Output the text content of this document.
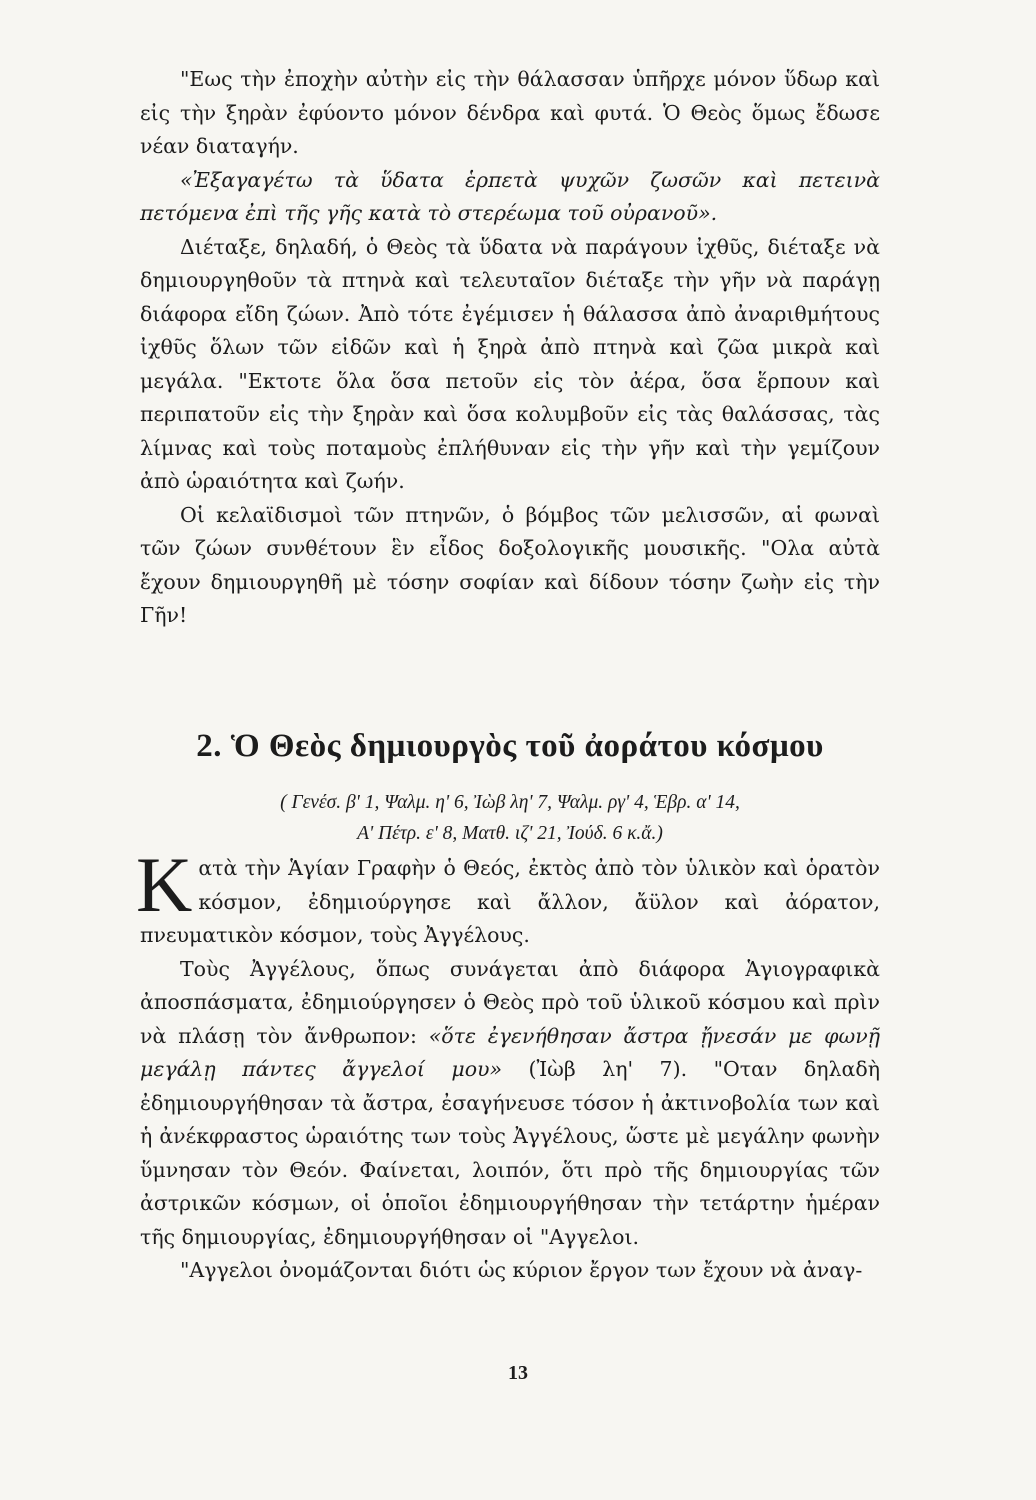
"Εως τὴν ἐποχὴν αὐτὴν εἰς τὴν θάλασσαν ὑπῆρχε μόνον ὕδωρ καὶ εἰς τὴν ξηρὰν ἐφύοντο μόνον δένδρα καὶ φυτά. Ὁ Θεὸς ὅμως ἔδωσε νέαν διαταγήν.

«Ἐξαγαγέτω τὰ ὕδατα ἑρπετὰ ψυχῶν ζωσῶν καὶ πετεινὰ πετόμενα ἐπὶ τῆς γῆς κατὰ τὸ στερέωμα τοῦ οὐρανοῦ».

Διέταξε, δηλαδή, ὁ Θεὸς τὰ ὕδατα νὰ παράγουν ἰχθῦς, διέταξε νὰ δημιουργηθοῦν τὰ πτηνὰ καὶ τελευταῖον διέταξε τὴν γῆν νὰ παράγῃ διάφορα εἴδη ζώων. Ἀπὸ τότε ἐγέμισεν ἡ θάλασσα ἀπὸ ἀναριθμήτους ἰχθῦς ὅλων τῶν εἰδῶν καὶ ἡ ξηρὰ ἀπὸ πτηνὰ καὶ ζῶα μικρὰ καὶ μεγάλα. "Εκτοτε ὅλα ὅσα πετοῦν εἰς τὸν ἀέρα, ὅσα ἕρπουν καὶ περιπατοῦν εἰς τὴν ξηρὰν καὶ ὅσα κολυμβοῦν εἰς τὰς θαλάσσας, τὰς λίμνας καὶ τοὺς ποταμοὺς ἐπλήθυναν εἰς τὴν γῆν καὶ τὴν γεμίζουν ἀπὸ ὡραιότητα καὶ ζωήν.

Οἱ κελαϊδισμοὶ τῶν πτηνῶν, ὁ βόμβος τῶν μελισσῶν, αἱ φωναὶ τῶν ζώων συνθέτουν ἓν εἶδος δοξολογικῆς μουσικῆς. "Ολα αὐτὰ ἔχουν δημιουργηθῆ μὲ τόσην σοφίαν καὶ δίδουν τόσην ζωὴν εἰς τὴν Γῆν!

2. Ὁ Θεὸς δημιουργὸς τοῦ ἀοράτου κόσμου
( Γενέσ. β' 1, Ψαλμ. η' 6, Ἰὼβ λη' 7, Ψαλμ. ργ' 4, Ἑβρ. α' 14,
Α' Πέτρ. ε' 8, Ματθ. ιζ' 21, Ἰούδ. 6 κ.ἄ.)

Κατὰ τὴν Ἁγίαν Γραφὴν ὁ Θεός, ἐκτὸς ἀπὸ τὸν ὑλικὸν καὶ ὁρατὸν κόσμον, ἐδημιούργησε καὶ ἄλλον, ἄϋλον καὶ ἀόρατον, πνευματικὸν κόσμον, τοὺς Ἀγγέλους.

Τοὺς Ἀγγέλους, ὅπως συνάγεται ἀπὸ διάφορα Ἁγιογραφικὰ ἀποσπάσματα, ἐδημιούργησεν ὁ Θεὸς πρὸ τοῦ ὑλικοῦ κόσμου καὶ πρὶν νὰ πλάσῃ τὸν ἄνθρωπον: «ὅτε ἐγενήθησαν ἄστρα ᾔνεσάν με φωνῇ μεγάλῃ πάντες ἄγγελοί μου» (Ἰὼβ λη' 7). "Οταν δηλαδὴ ἐδημιουργήθησαν τὰ ἄστρα, ἐσαγήνευσε τόσον ἡ ἀκτινοβολία των καὶ ἡ ἀνέκφραστος ὡραιότης των τοὺς Ἀγγέλους, ὥστε μὲ μεγάλην φωνὴν ὕμνησαν τὸν Θεόν. Φαίνεται, λοιπόν, ὅτι πρὸ τῆς δημιουργίας τῶν ἀστρικῶν κόσμων, οἱ ὁποῖοι ἐδημιουργήθησαν τὴν τετάρτην ἡμέραν τῆς δημιουργίας, ἐδημιουργήθησαν οἱ "Αγγελοι.

"Αγγελοι ὀνομάζονται διότι ὡς κύριον ἔργον των ἔχουν νὰ ἀναγ-

13
